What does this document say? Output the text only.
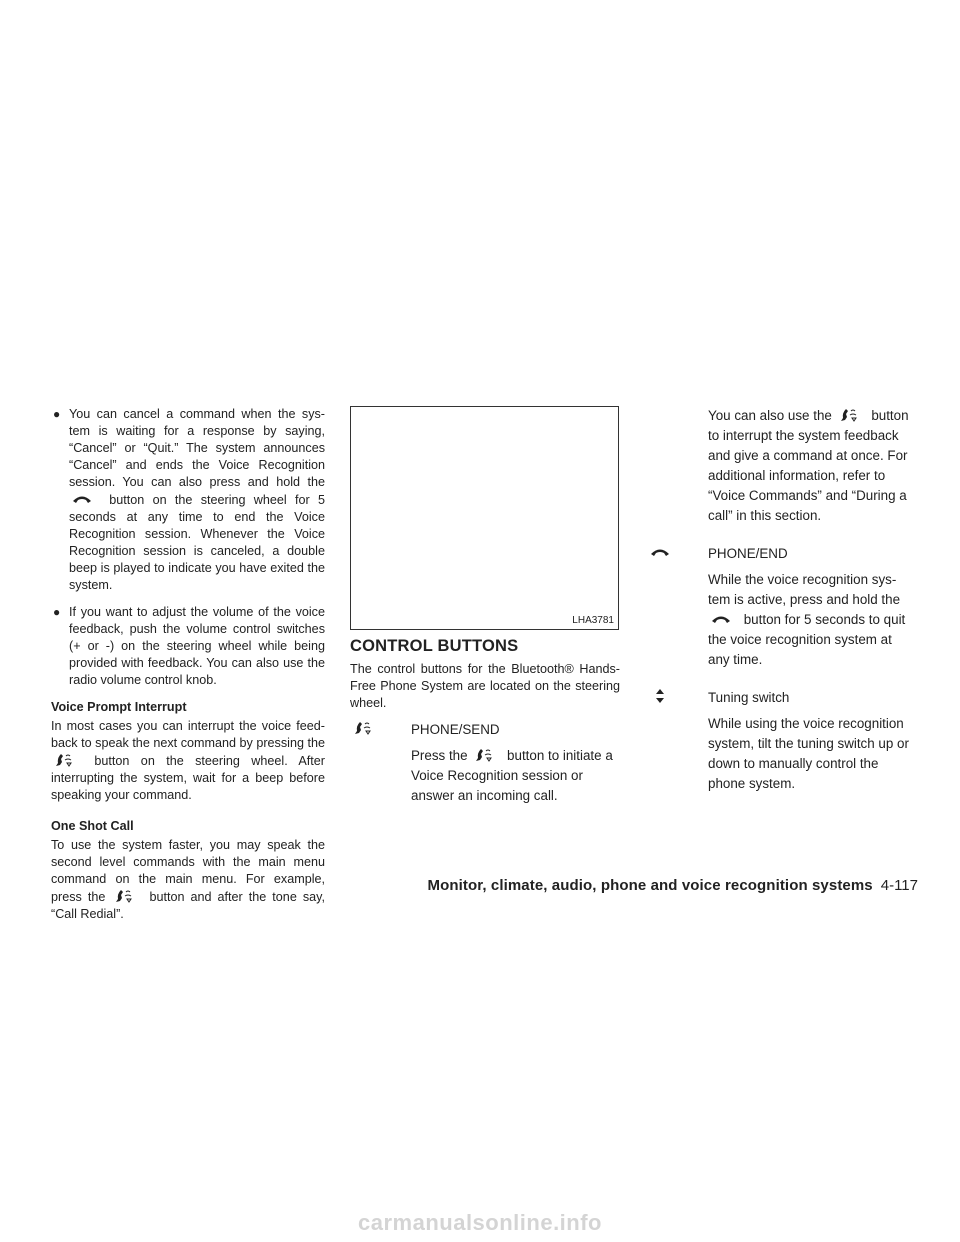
● You can cancel a command when the sys-tem is waiting for a response by saying, “Cancel” or “Quit.” The system announces “Cancel” and ends the Voice Recognition session. You can also press and hold the
button on the steering wheel for 5 seconds at any time to end the Voice Recognition session. Whenever the Voice Recognition session is canceled, a double beep is played to indicate you have exited the system.
● If you want to adjust the volume of the voice feedback, push the volume control switches (+ or -) on the steering wheel while being provided with feedback. You can also use the radio volume control knob.

Voice Prompt Interrupt

In most cases you can interrupt the voice feed-back to speak the next command by pressing the
button on the steering wheel. After interrupting the system, wait for a beep before speaking your command.

One Shot Call

To use the system faster, you may speak the second level commands with the main menu command on the main menu. For example, press the	button and after the tone say, “Call Redial”.

LHA3781
CONTROL BUTTONS

The control buttons for the Bluetooth® Hands-Free Phone System are located on the steering wheel.

PHONE/SEND

Press the	button to initiate a Voice Recognition session or answer an incoming call.

You can also use the	button to interrupt the system feedback and give a command at once. For additional information, refer to “Voice Commands” and “During a call” in this section.

PHONE/END

While the voice recognition sys-tem is active, press and hold the
button for 5 seconds to quit the voice recognition system at any time.

Tuning switch

While using the voice recognition system, tilt the tuning switch up or down to manually control the phone system.

Monitor, climate, audio, phone and voice recognition systems 4-117
carmanualsonline.info
